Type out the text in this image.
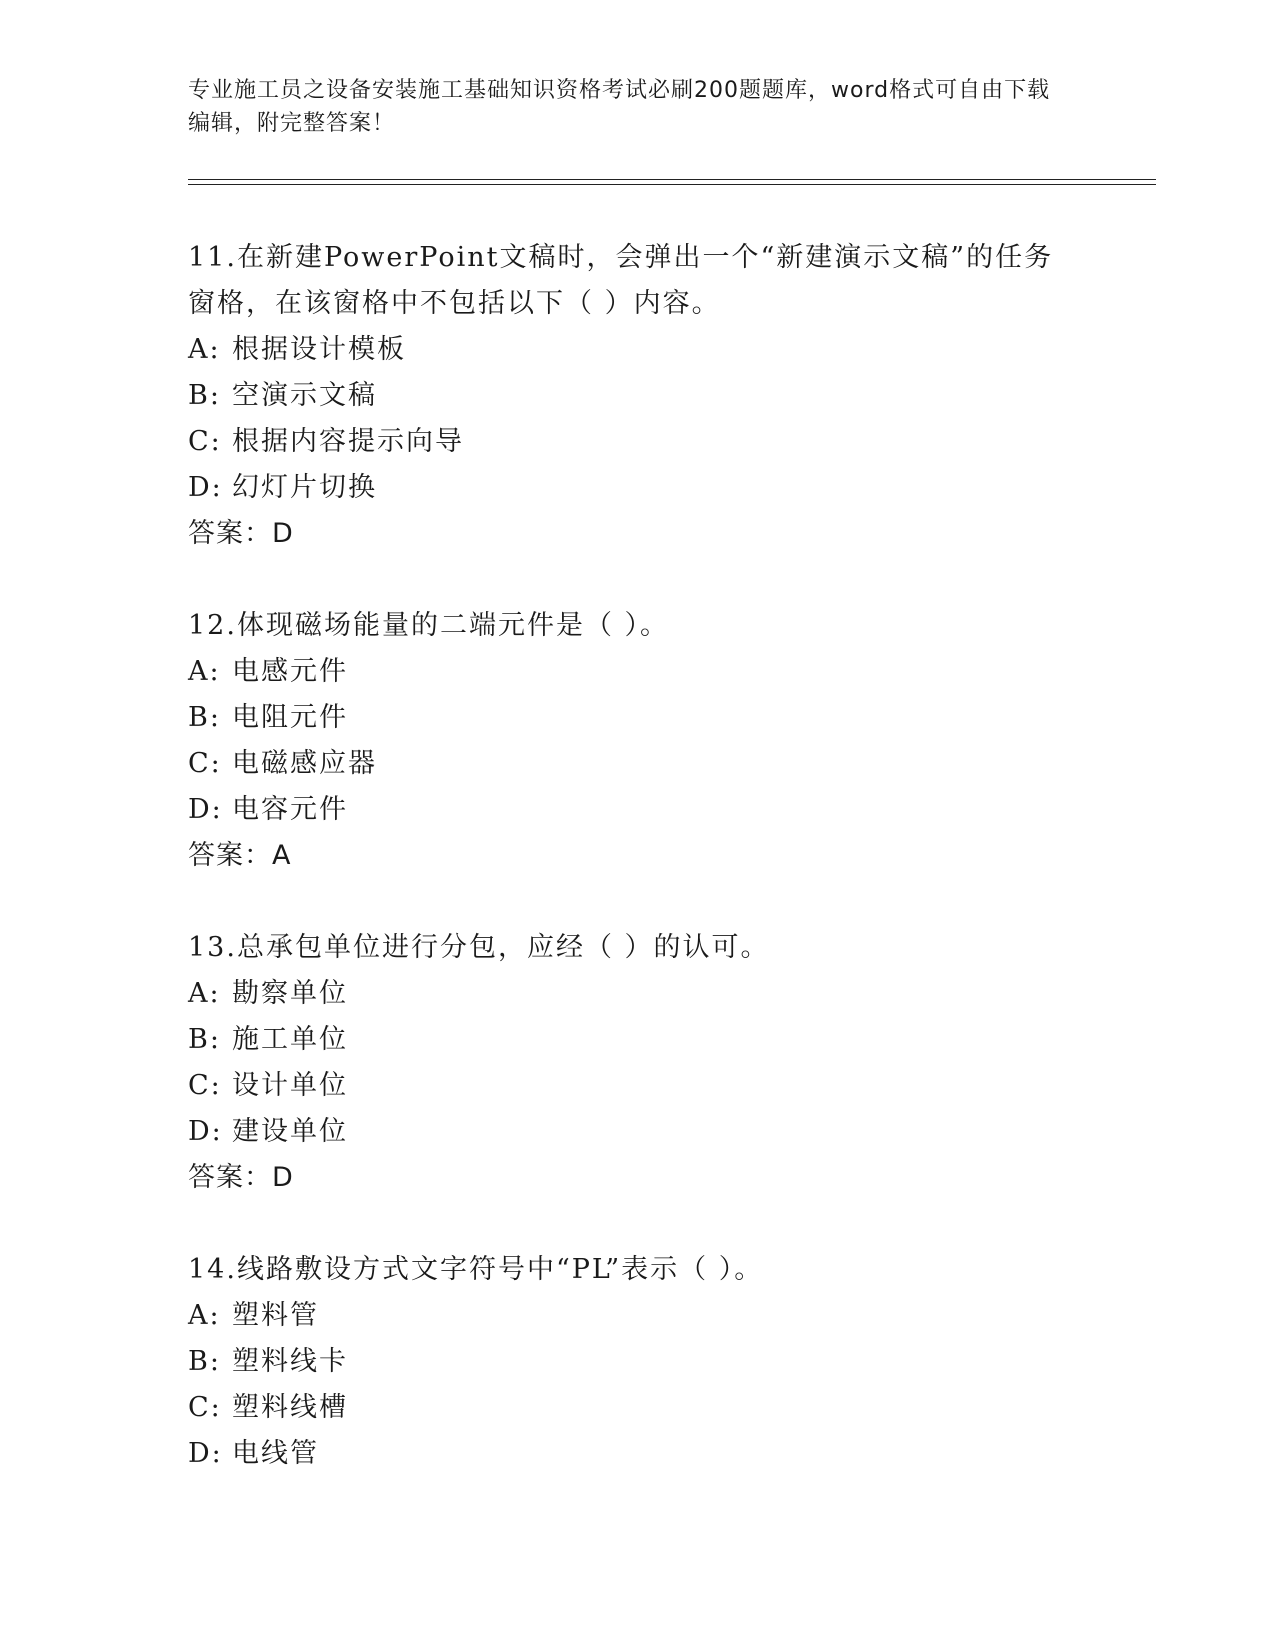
专业施工员之设备安装施工基础知识资格考试必刷200题题库，word格式可自由下载编辑，附完整答案！
11.在新建PowerPoint文稿时，会弹出一个“新建演示文稿”的任务窗格，在该窗格中不包括以下（ ）内容。
A: 根据设计模板
B: 空演示文稿
C: 根据内容提示向导
D: 幻灯片切换
答案：D
12.体现磁场能量的二端元件是（ ）。
A: 电感元件
B: 电阻元件
C: 电磁感应器
D: 电容元件
答案：A
13.总承包单位进行分包，应经（ ）的认可。
A: 勘察单位
B: 施工单位
C: 设计单位
D: 建设单位
答案：D
14.线路敷设方式文字符号中“PL”表示（ ）。
A: 塑料管
B: 塑料线卡
C: 塑料线槽
D: 电线管
